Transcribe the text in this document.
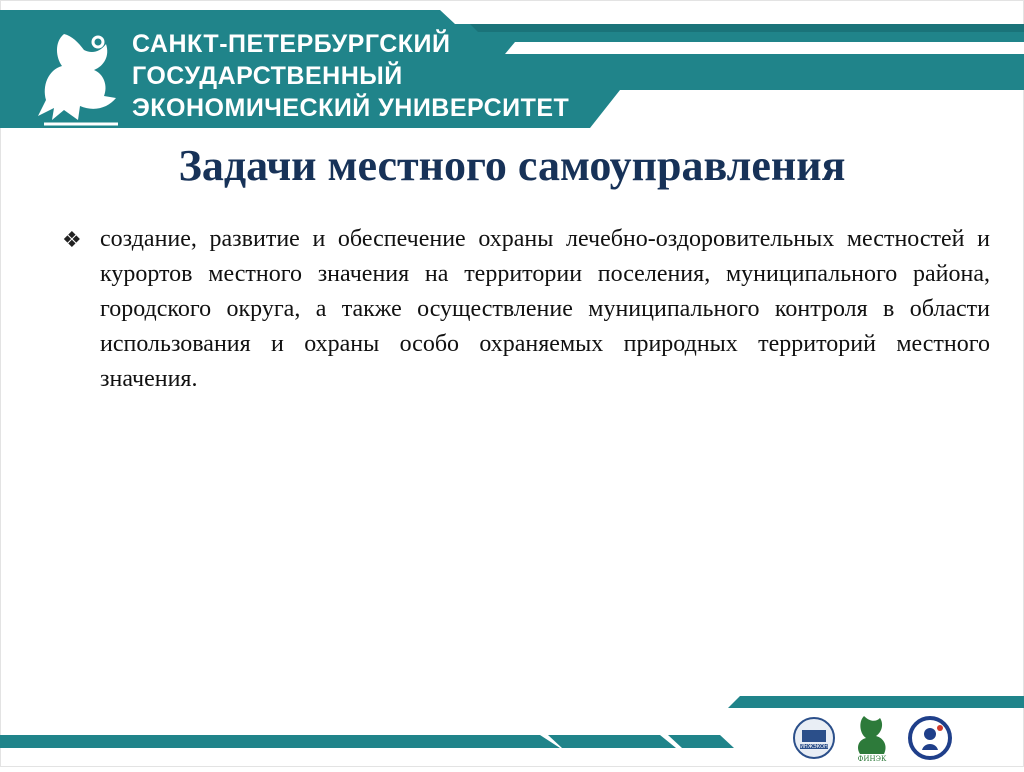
САНКТ-ПЕТЕРБУРГСКИЙ
ГОСУДАРСТВЕННЫЙ
ЭКОНОМИЧЕСКИЙ УНИВЕРСИТЕТ
Задачи местного самоуправления
❖ создание, развитие и обеспечение охраны лечебно-оздоровительных местностей и курортов местного значения на территории поселения, муниципального района, городского округа, а также осуществление муниципального контроля в области использования и охраны особо охраняемых природных территорий местного значения.
ИНЖЭКОН
ФИНЭК
